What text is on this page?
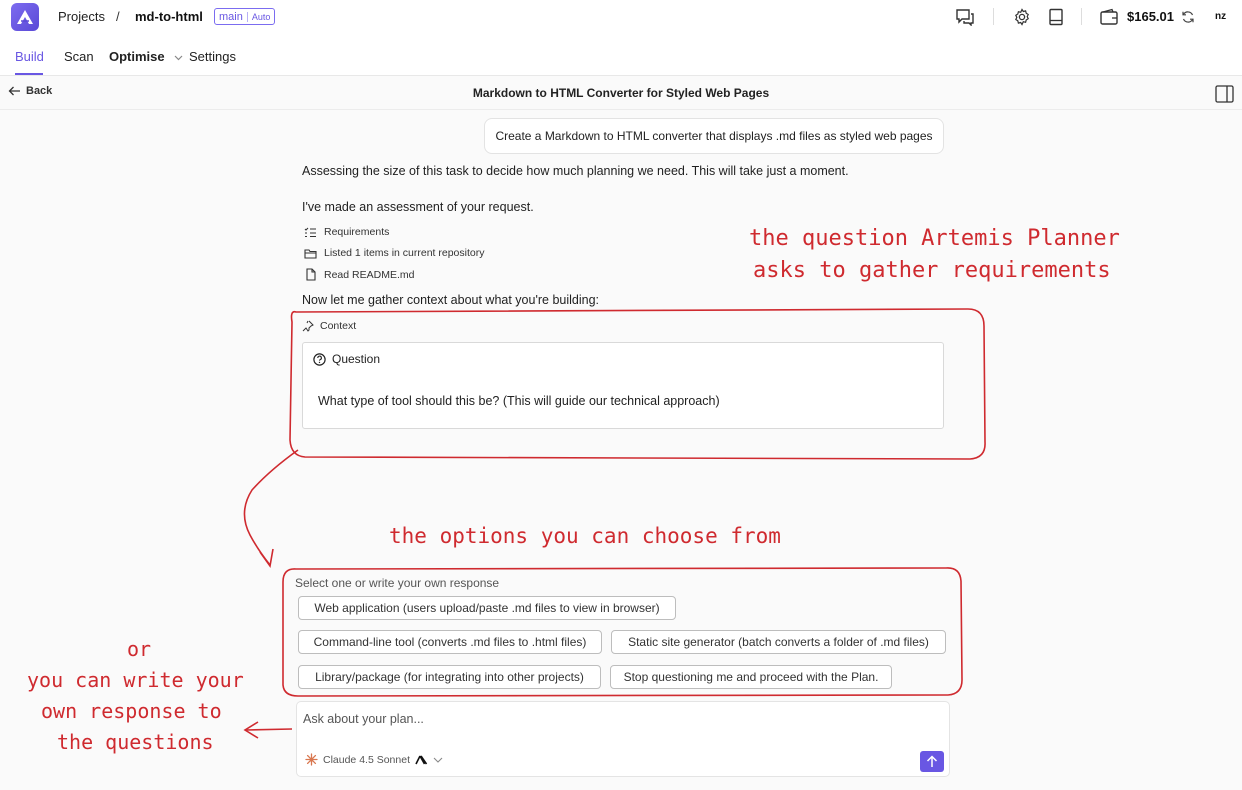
Projects / md-to-html main	Auto	$165.01	nz
Build Scan Optimise	Settings
Back	Markdown to HTML Converter for Styled Web Pages
Create a Markdown to HTML converter that displays .md files as styled web pages
Assessing the size of this task to decide how much planning we need. This will take just a moment.
I've made an assessment of your request.
Requirements
Listed 1 items in current repository
Read README.md
Now let me gather context about what you're building:
Context
Question
What type of tool should this be? (This will guide our technical approach)
Select one or write your own response
Web application (users upload/paste .md files to view in browser)
Command-line tool (converts .md files to .html files)	Static site generator (batch converts a folder of .md files)
Library/package (for integrating into other projects)	Stop questioning me and proceed with the Plan.
Ask about your plan...
Claude 4.5 Sonnet
the question Artemis Planner
asks to gather requirements
the options you can choose from
or
you can write your
own response to
the questions
